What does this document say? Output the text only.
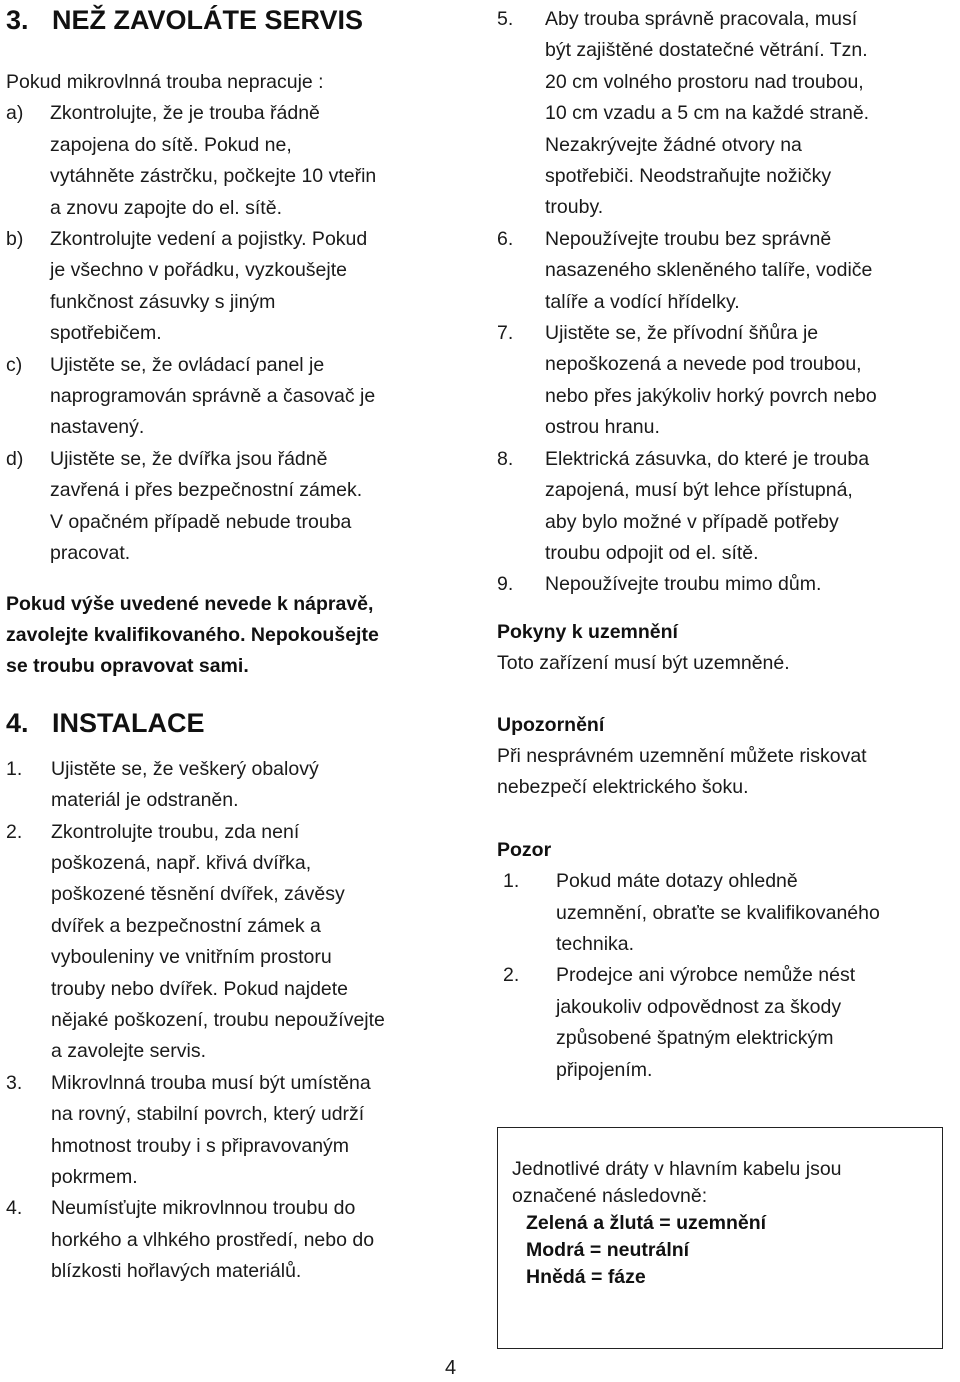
3. NEŽ ZAVOLÁTE SERVIS

Pokud mikrovlnná trouba nepracuje :

a)	Zkontrolujte, že je trouba řádně

zapojena do sítě. Pokud ne,

vytáhněte zástrčku, počkejte 10 vteřin

a znovu zapojte do el. sítě.

b)	Zkontrolujte vedení a pojistky. Pokud

je všechno v pořádku, vyzkoušejte

funkčnost zásuvky s jiným

spotřebičem.

c)	Ujistěte se, že ovládací panel je

naprogramován správně a časovač je

nastavený.

d)	Ujistěte se, že dvířka jsou řádně

zavřená i přes bezpečnostní zámek.

V opačném případě nebude trouba

pracovat.

Pokud výše uvedené nevede k nápravě,

zavolejte kvalifikovaného. Nepokoušejte

se troubu opravovat sami.

4. INSTALACE
1.	Ujistěte se, že veškerý obalový

materiál je odstraněn.

2.	Zkontrolujte troubu, zda není

poškozená, např. křivá dvířka,

poškozené těsnění dvířek, závěsy

dvířek a bezpečnostní zámek a

vybouleniny ve vnitřním prostoru

trouby nebo dvířek. Pokud najdete

nějaké poškození, troubu nepoužívejte

a zavolejte servis.

3.	Mikrovlnná trouba musí být umístěna

na rovný, stabilní povrch, který udrží

hmotnost trouby i s připravovaným

pokrmem.

4.	Neumísťujte mikrovlnnou troubu do

horkého a vlhkého prostředí, nebo do

blízkosti hořlavých materiálů.

5.	Aby trouba správně pracovala, musí

být zajištěné dostatečné větrání. Tzn.

20 cm volného prostoru nad troubou,

10 cm vzadu a 5 cm na každé straně.

Nezakrývejte žádné otvory na

spotřebiči. Neodstraňujte nožičky

trouby.

6.	Nepoužívejte troubu bez správně

nasazeného skleněného talíře, vodiče

talíře a vodící hřídelky.

7.	Ujistěte se, že přívodní šňůra je

nepoškozená a nevede pod troubou,

nebo přes jakýkoliv horký povrch nebo

ostrou hranu.

8.	Elektrická zásuvka, do které je trouba

zapojená, musí být lehce přístupná,

aby bylo možné v případě potřeby

troubu odpojit od el. sítě.

9.	Nepoužívejte troubu mimo dům.

Pokyny k uzemnění

Toto zařízení musí být uzemněné.

Upozornění

Při nesprávném uzemnění můžete riskovat

nebezpečí elektrického šoku.

Pozor

1.	Pokud máte dotazy ohledně

uzemnění, obraťte se kvalifikovaného

technika.

2.	Prodejce ani výrobce nemůže nést

jakoukoliv odpovědnost za škody

způsobené špatným elektrickým

připojením.

Jednotlivé dráty v hlavním kabelu jsou

označené následovně:

Zelená a žlutá = uzemnění

Modrá = neutrální

Hnědá = fáze

4
